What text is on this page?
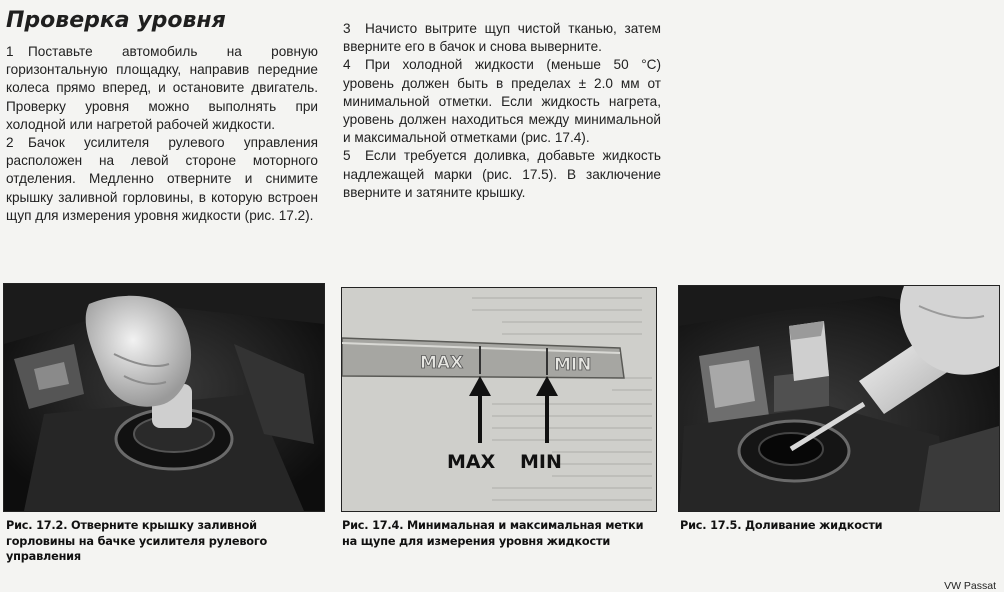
Проверка уровня

1 Поставьте автомобиль на ровную горизонтальную площадку, направив передние колеса прямо вперед, и остановите двигатель. Проверку уровня можно выполнять при холодной или нагретой рабочей жидкости.

2 Бачок усилителя рулевого управления расположен на левой стороне моторного отделения. Медленно отверните и снимите крышку заливной горловины, в которую встроен щуп для измерения уровня жидкости (рис. 17.2).

3 Начисто вытрите щуп чистой тканью, затем вверните его в бачок и снова выверните.

4 При холодной жидкости (меньше 50 °С) уровень должен быть в пределах ± 2.0 мм от минимальной отметки. Если жидкость нагрета, уровень должен находиться между минимальной и максимальной отметками (рис. 17.4).

5 Если требуется доливка, добавьте жидкость надлежащей марки (рис. 17.5). В заключение вверните и затяните крышку.

MAX	MIN
MAX MIN
Рис. 17.2. Отверните крышку заливной горловины на бачке усилителя рулевого управления
Рис. 17.4. Минимальная и максимальная метки на щупе для измерения уровня жидкости
Рис. 17.5. Доливание жидкости
VW Passat
